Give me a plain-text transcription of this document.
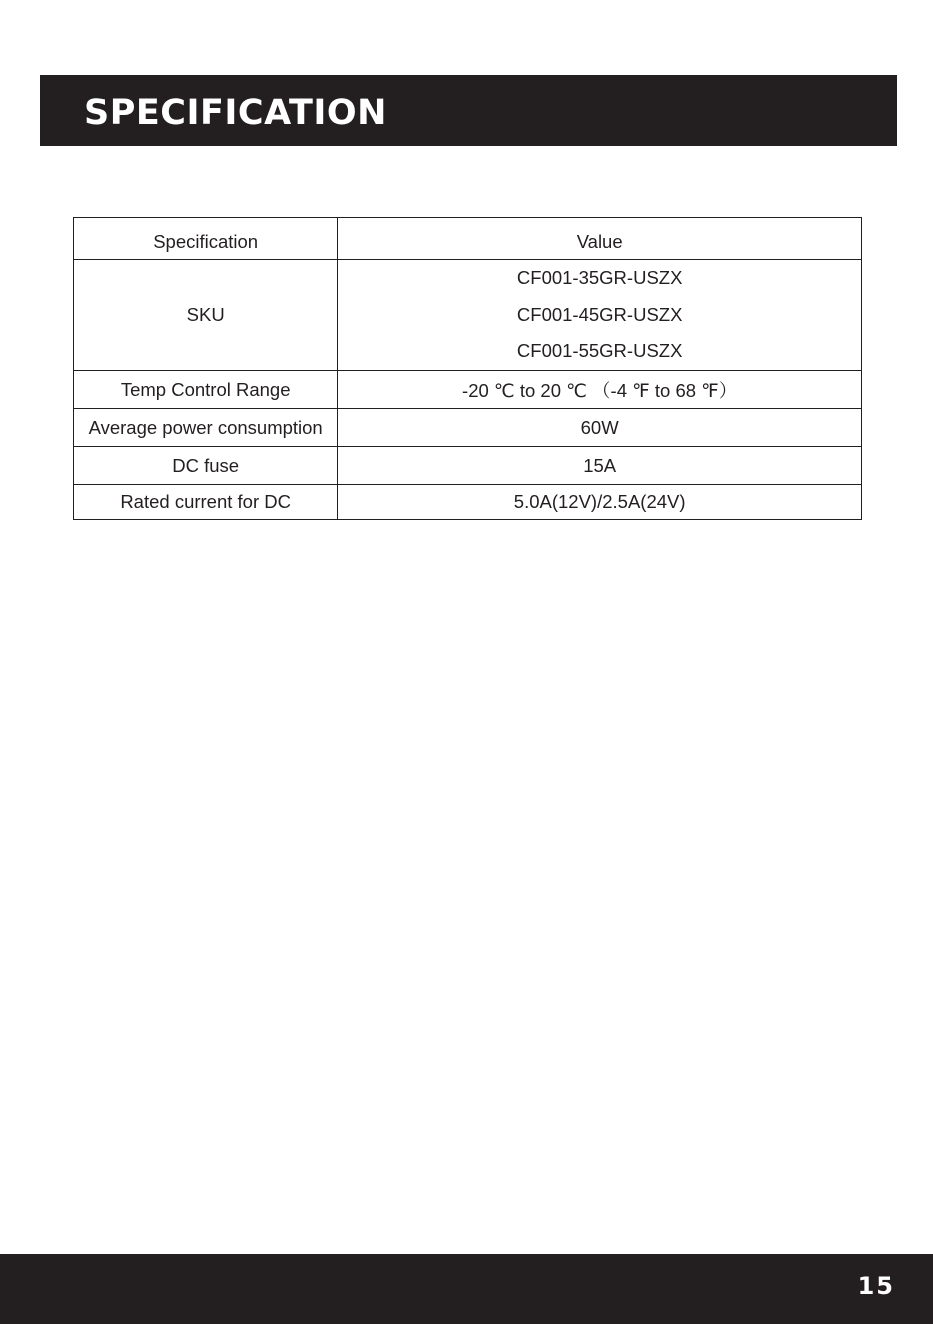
SPECIFICATION
Specification	Value
SKU	CF001-35GR-USZX
CF001-45GR-USZX
CF001-55GR-USZX

Temp Control Range	-20 ℃ to 20 ℃ （-4 ℉ to 68 ℉）
Average power consumption	60W
DC fuse	15A
Rated current for DC	5.0A(12V)/2.5A(24V)
15
